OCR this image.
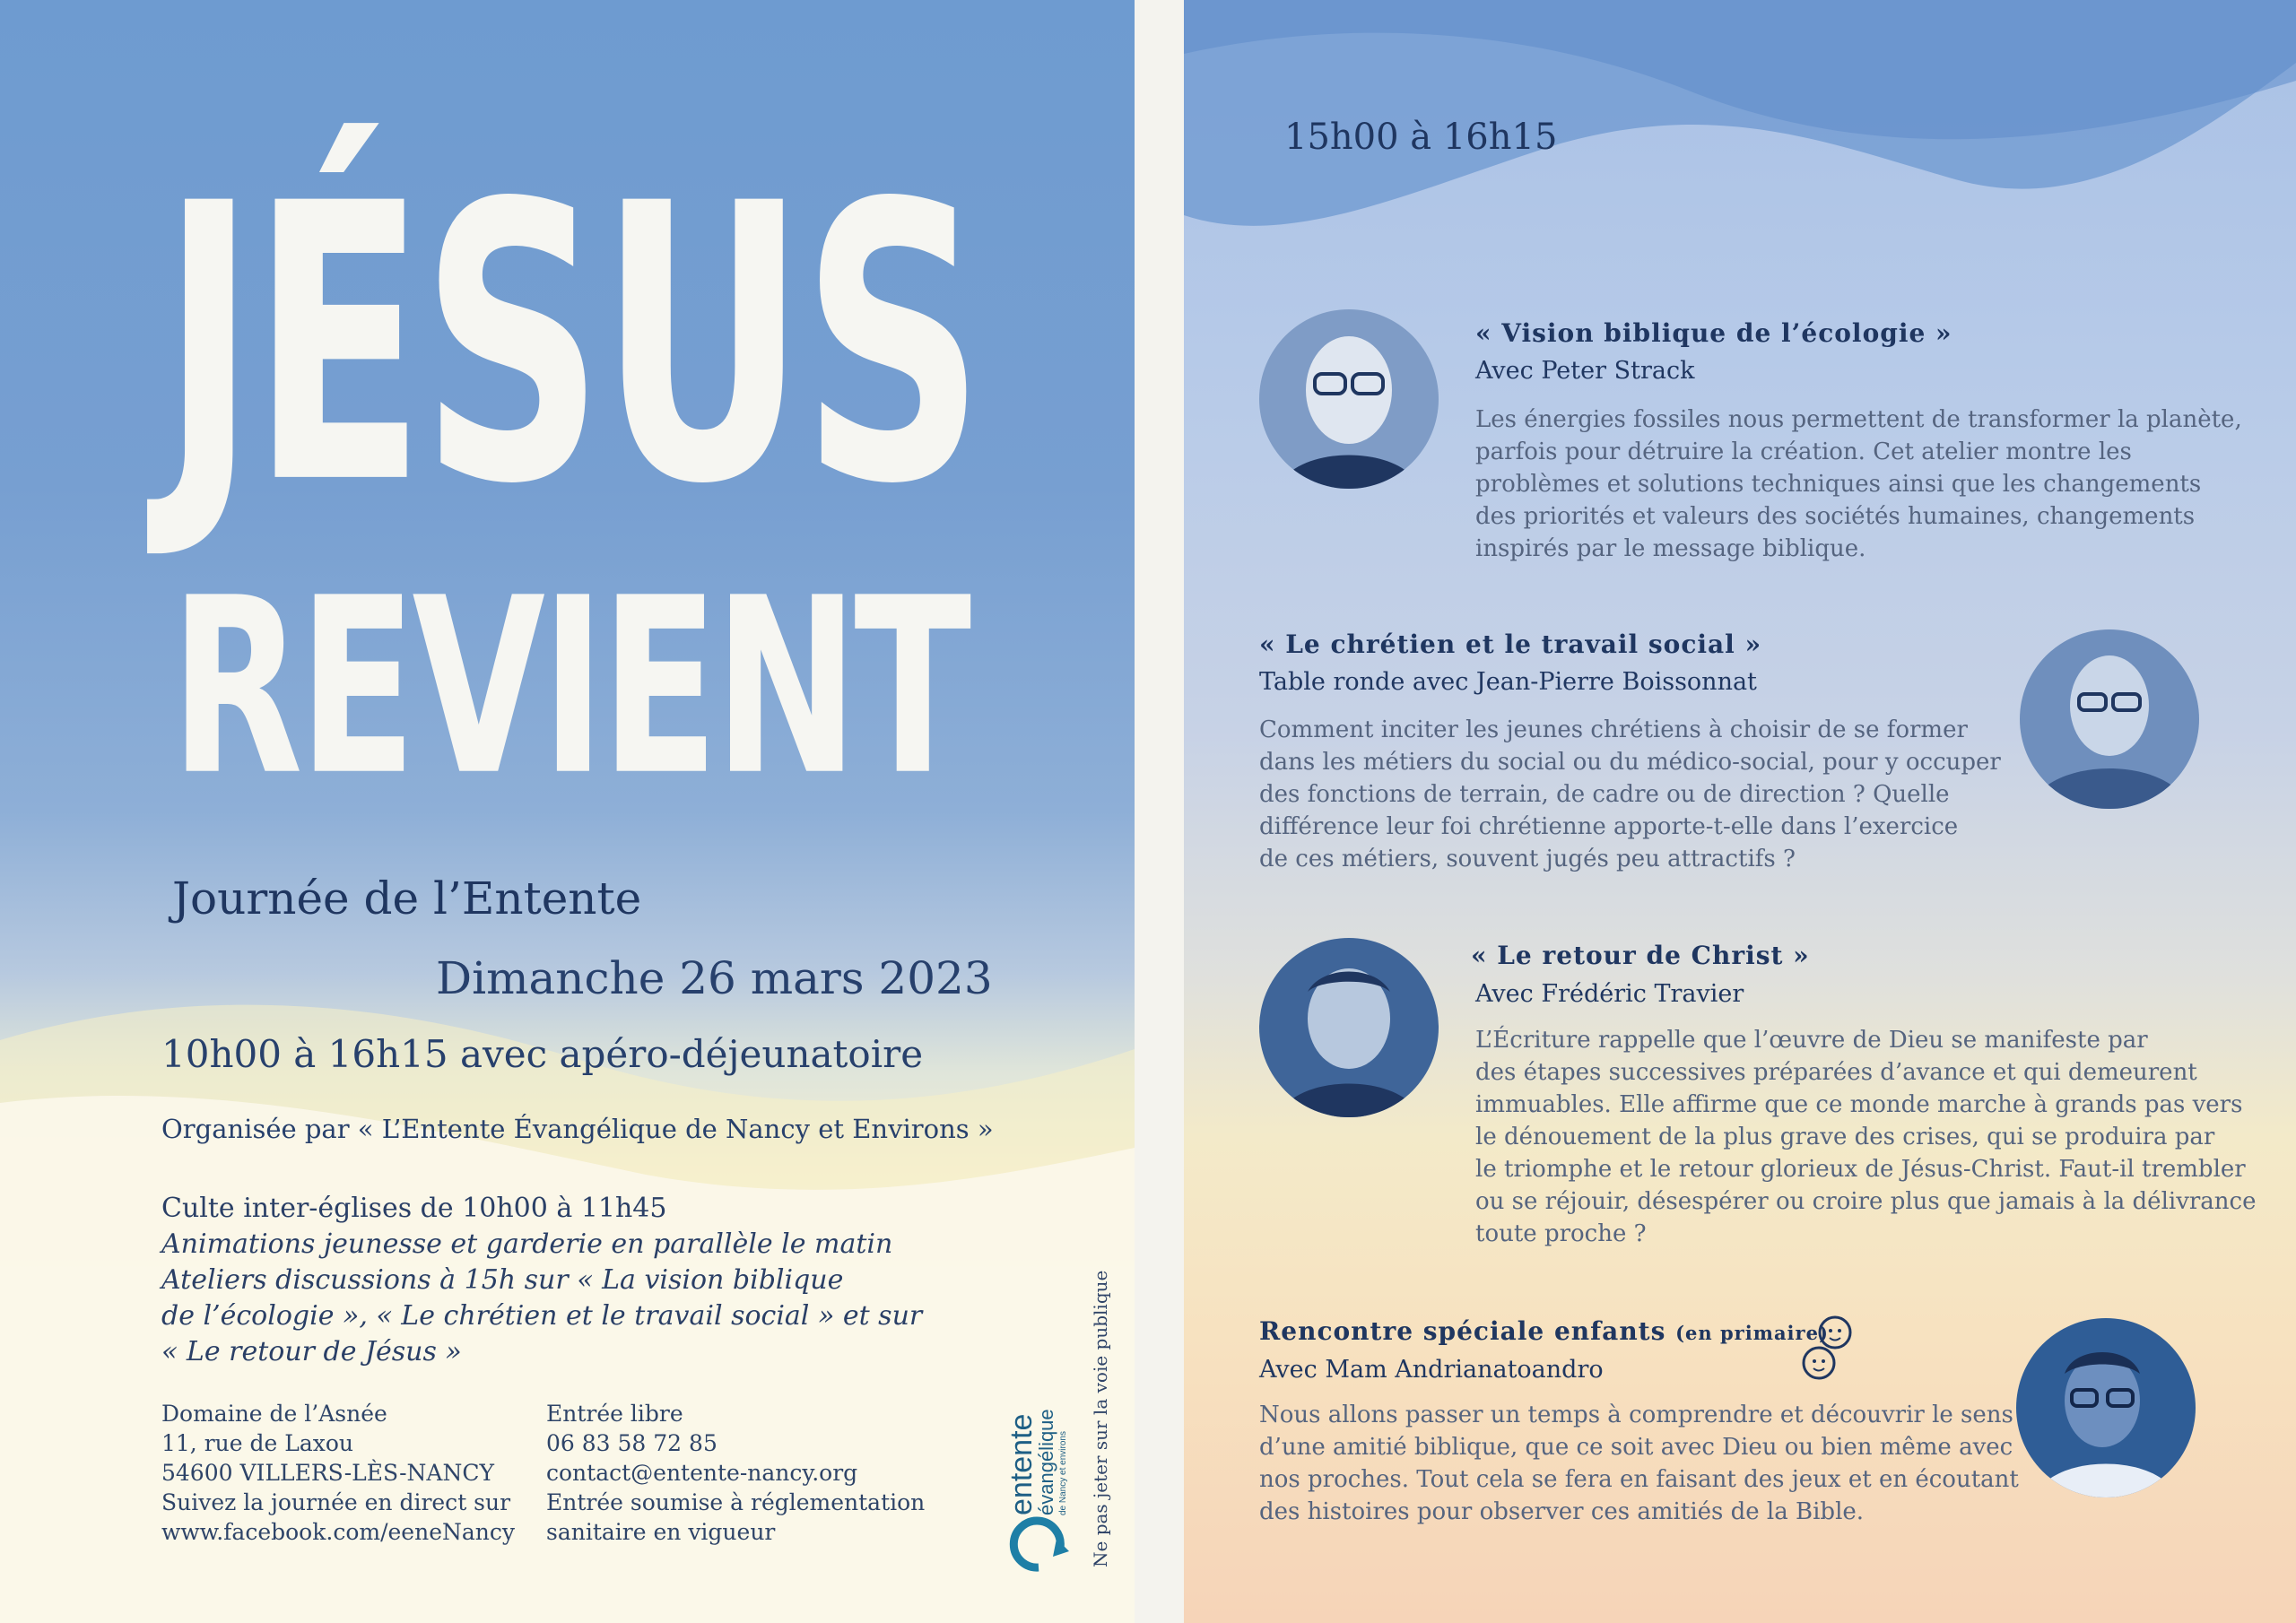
JÉSUS
REVIENT
Journée de l’Entente
Dimanche 26 mars 2023
10h00 à 16h15 avec apéro-déjeunatoire
Organisée par « L’Entente Évangélique de Nancy et Environs »
Culte inter-églises de 10h00 à 11h45
Animations jeunesse et garderie en parallèle le matin
Ateliers discussions à 15h sur « La vision biblique
de l’écologie », « Le chrétien et le travail social » et sur
« Le retour de Jésus »
Domaine de l’Asnée
11, rue de Laxou
54600 VILLERS-LÈS-NANCY
Suivez la journée en direct sur
www.facebook.com/eeneNancy
Entrée libre
06 83 58 72 85
contact@entente-nancy.org
Entrée soumise à réglementation
sanitaire en vigueur
entente
évangélique de Nancy et environs Ne pas jeter sur la voie publique
15h00 à 16h15
« Vision biblique de l’écologie »
Avec Peter Strack
Les énergies fossiles nous permettent de transformer la planète,
parfois pour détruire la création. Cet atelier montre les
problèmes et solutions techniques ainsi que les changements
des priorités et valeurs des sociétés humaines, changements
inspirés par le message biblique.
« Le chrétien et le travail social »
Table ronde avec Jean-Pierre Boissonnat
Comment inciter les jeunes chrétiens à choisir de se former
dans les métiers du social ou du médico-social, pour y occuper
des fonctions de terrain, de cadre ou de direction ? Quelle
différence leur foi chrétienne apporte-t-elle dans l’exercice
de ces métiers, souvent jugés peu attractifs ?
« Le retour de Christ »
Avec Frédéric Travier
L’Écriture rappelle que l’œuvre de Dieu se manifeste par
des étapes successives préparées d’avance et qui demeurent
immuables. Elle affirme que ce monde marche à grands pas vers
le dénouement de la plus grave des crises, qui se produira par
le triomphe et le retour glorieux de Jésus-Christ. Faut-il trembler
ou se réjouir, désespérer ou croire plus que jamais à la délivrance
toute proche ?
Rencontre spéciale enfants (en primaire)
Avec Mam Andrianatoandro
Nous allons passer un temps à comprendre et découvrir le sens
d’une amitié biblique, que ce soit avec Dieu ou bien même avec
nos proches. Tout cela se fera en faisant des jeux et en écoutant
des histoires pour observer ces amitiés de la Bible.
